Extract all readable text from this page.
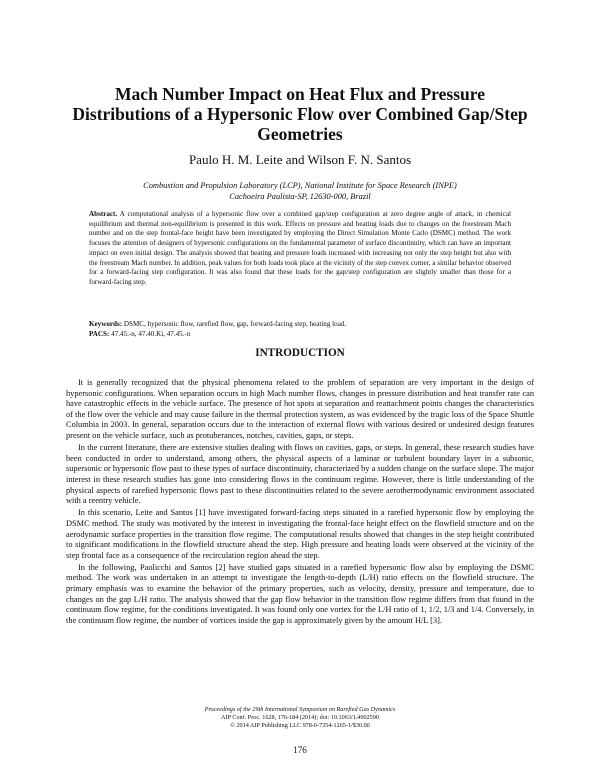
Mach Number Impact on Heat Flux and Pressure
Distributions of a Hypersonic Flow over Combined Gap/Step
Geometries
Paulo H. M. Leite and Wilson F. N. Santos
Combustion and Propulsion Laboratory (LCP), National Institute for Space Research (INPE)
Cachoeira Paulista-SP, 12630-000, Brazil
Abstract. A computational analysis of a hypersonic flow over a combined gap/step configuration at zero degree angle of attack, in chemical equilibrium and thermal non-equilibrium is presented in this work. Effects on pressure and heating loads due to changes on the freestream Mach number and on the step frontal-face height have been investigated by employing the Direct Simulation Monte Carlo (DSMC) method. The work focuses the attention of designers of hypersonic configurations on the fundamental parameter of surface discontinuity, which can have an important impact on even initial design. The analysis showed that heating and pressure loads increased with increasing not only the step height but also with the freestream Mach number. In addition, peak values for both loads took place at the vicinity of the step convex corner, a similar behavior observed for a forward-facing step configuration. It was also found that these loads for the gap/step configuration are slightly smaller than those for a forward-facing step.
Keywords: DSMC, hypersonic flow, rarefied flow, gap, forward-facing step, heating load.
PACS: 47.45.-n, 47.40.Ki, 47.45.-n
INTRODUCTION

It is generally recognized that the physical phenomena related to the problem of separation are very important in the design of hypersonic configurations. When separation occurs in high Mach number flows, changes in pressure distribution and heat transfer rate can have catastrophic effects in the vehicle surface. The presence of hot spots at separation and reattachment points changes the characteristics of the flow over the vehicle and may cause failure in the thermal protection system, as was evidenced by the tragic loss of the Space Shuttle Columbia in 2003. In general, separation occurs due to the interaction of external flows with various desired or undesired design features present on the vehicle surface, such as protuberances, notches, cavities, gaps, or steps.

In the current literature, there are extensive studies dealing with flows on cavities, gaps, or steps. In general, these research studies have been conducted in order to understand, among others, the physical aspects of a laminar or turbulent boundary layer in a subsonic, supersonic or hypersonic flow past to these types of surface discontinuity, characterized by a sudden change on the surface slope. The major interest in these research studies has gone into considering flows in the continuum regime. However, there is little understanding of the physical aspects of rarefied hypersonic flows past to these discontinuities related to the severe aerothermodynamic environment associated with a reentry vehicle.

In this scenario, Leite and Santos [1] have investigated forward-facing steps situated in a rarefied hypersonic flow by employing the DSMC method. The study was motivated by the interest in investigating the frontal-face height effect on the flowfield structure and on the aerodynamic surface properties in the transition flow regime. The computational results showed that changes in the step height contributed to significant modifications in the flowfield structure ahead the step. High pressure and heating loads were observed at the vicinity of the step frontal face as a consequence of the recirculation region ahead the step.

In the following, Paolicchi and Santos [2] have studied gaps situated in a rarefied hypersonic flow also by employing the DSMC method. The work was undertaken in an attempt to investigate the length-to-depth (L/H) ratio effects on the flowfield structure. The primary emphasis was to examine the behavior of the primary properties, such as velocity, density, pressure and temperature, due to changes on the gap L/H ratio. The analysis showed that the gap flow behavior in the transition flow regime differs from that found in the continuum flow regime, for the conditions investigated. It was found only one vortex for the L/H ratio of 1, 1/2, 1/3 and 1/4. Conversely, in the continuum flow regime, the number of vortices inside the gap is approximately given by the amount H/L [3].

Proceedings of the 29th International Symposium on Rarefied Gas Dynamics
AIP Conf. Proc. 1628, 176-184 (2014); doi: 10.1063/1.4902590
© 2014 AIP Publishing LLC 978-0-7354-1265-1/$30.00
176
